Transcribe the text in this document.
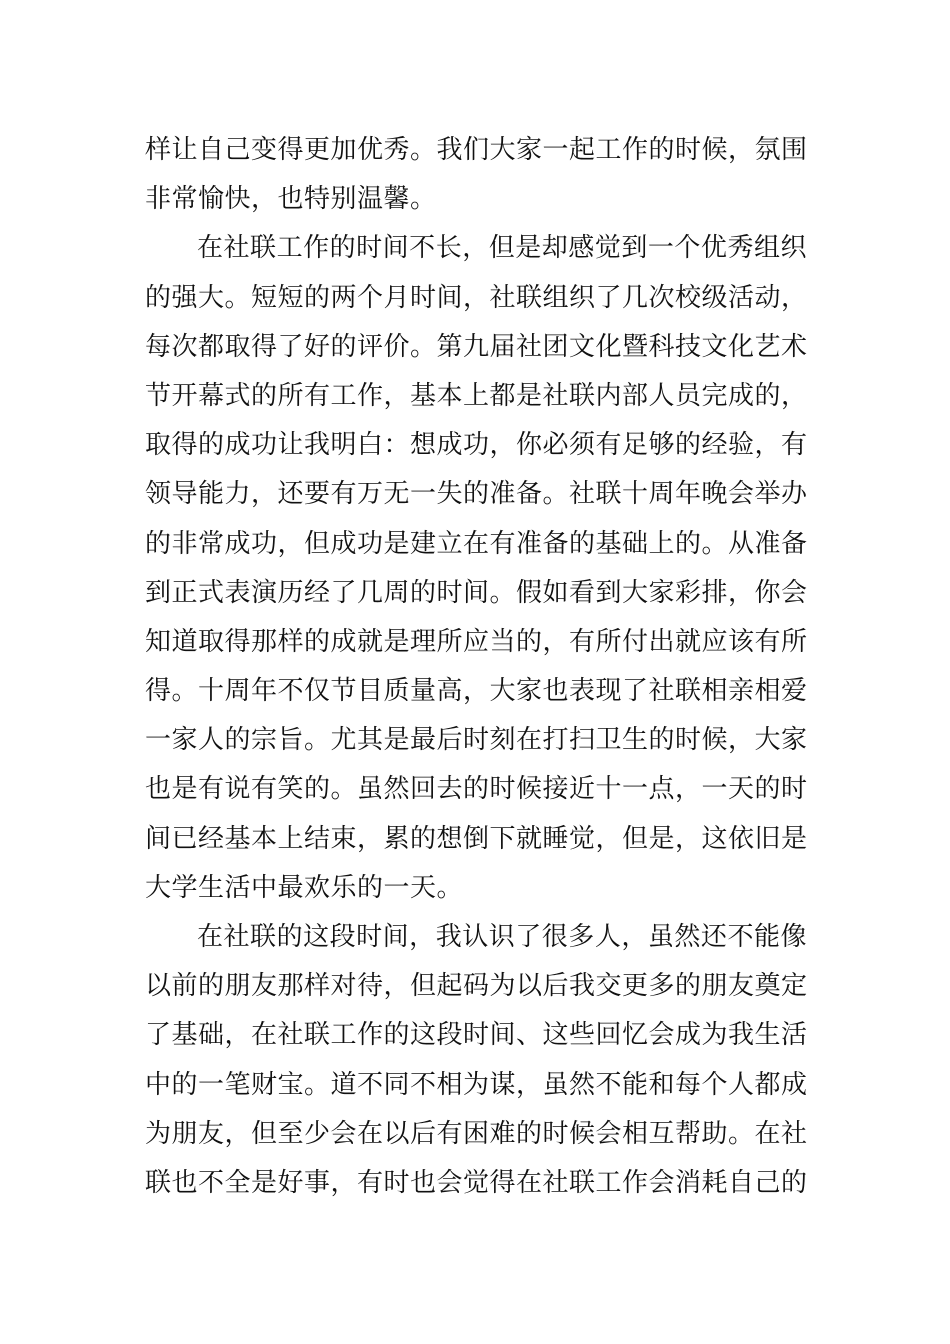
样让自己变得更加优秀。我们大家一起工作的时候，氛围
非常愉快，也特别温馨。
在社联工作的时间不长，但是却感觉到一个优秀组织
的强大。短短的两个月时间，社联组织了几次校级活动，
每次都取得了好的评价。第九届社团文化暨科技文化艺术
节开幕式的所有工作，基本上都是社联内部人员完成的，
取得的成功让我明白：想成功，你必须有足够的经验，有
领导能力，还要有万无一失的准备。社联十周年晚会举办
的非常成功，但成功是建立在有准备的基础上的。从准备
到正式表演历经了几周的时间。假如看到大家彩排，你会
知道取得那样的成就是理所应当的，有所付出就应该有所
得。十周年不仅节目质量高，大家也表现了社联相亲相爱
一家人的宗旨。尤其是最后时刻在打扫卫生的时候，大家
也是有说有笑的。虽然回去的时候接近十一点，一天的时
间已经基本上结束，累的想倒下就睡觉，但是，这依旧是
大学生活中最欢乐的一天。
在社联的这段时间，我认识了很多人，虽然还不能像
以前的朋友那样对待，但起码为以后我交更多的朋友奠定
了基础，在社联工作的这段时间、这些回忆会成为我生活
中的一笔财宝。道不同不相为谋，虽然不能和每个人都成
为朋友，但至少会在以后有困难的时候会相互帮助。在社
联也不全是好事，有时也会觉得在社联工作会消耗自己的
